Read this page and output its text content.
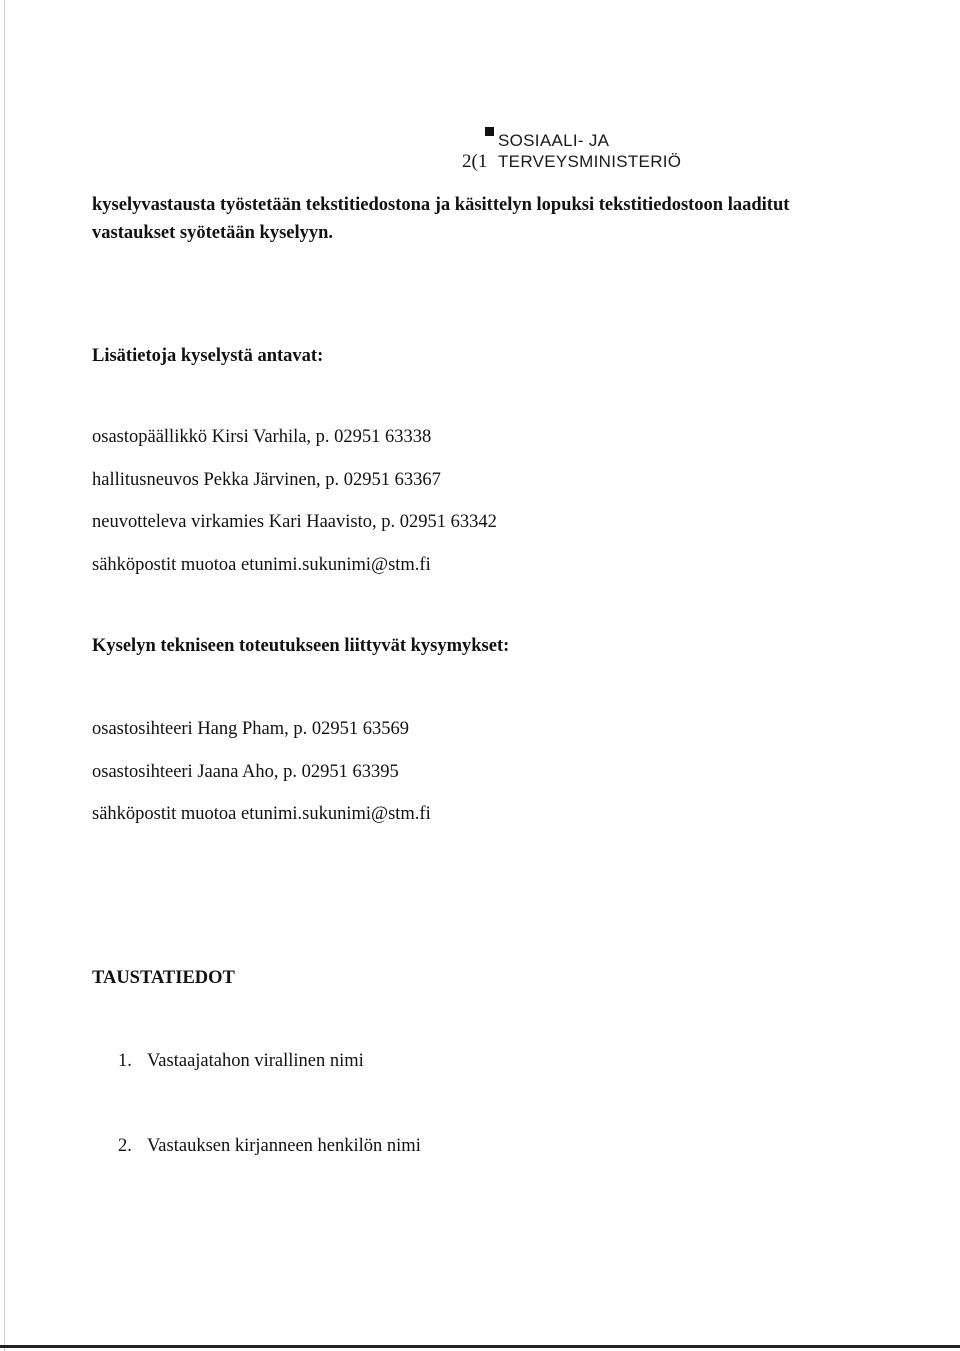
SOSIAALI- JA
TERVEYSMINISTERIÖ
2(1
kyselyvastausta työstetään tekstitiedostona ja käsittelyn lopuksi tekstitiedostoon laaditut
vastaukset syötetään kyselyyn.
Lisätietoja kyselystä antavat:
osastopäällikkö Kirsi Varhila, p. 02951 63338
hallitusneuvos Pekka Järvinen, p. 02951 63367
neuvotteleva virkamies Kari Haavisto, p. 02951 63342
sähköpostit muotoa etunimi.sukunimi@stm.fi
Kyselyn tekniseen toteutukseen liittyvät kysymykset:
osastosihteeri Hang Pham, p. 02951 63569
osastosihteeri Jaana Aho, p. 02951 63395
sähköpostit muotoa etunimi.sukunimi@stm.fi
TAUSTATIEDOT
1. Vastaajatahon virallinen nimi
2. Vastauksen kirjanneen henkilön nimi
